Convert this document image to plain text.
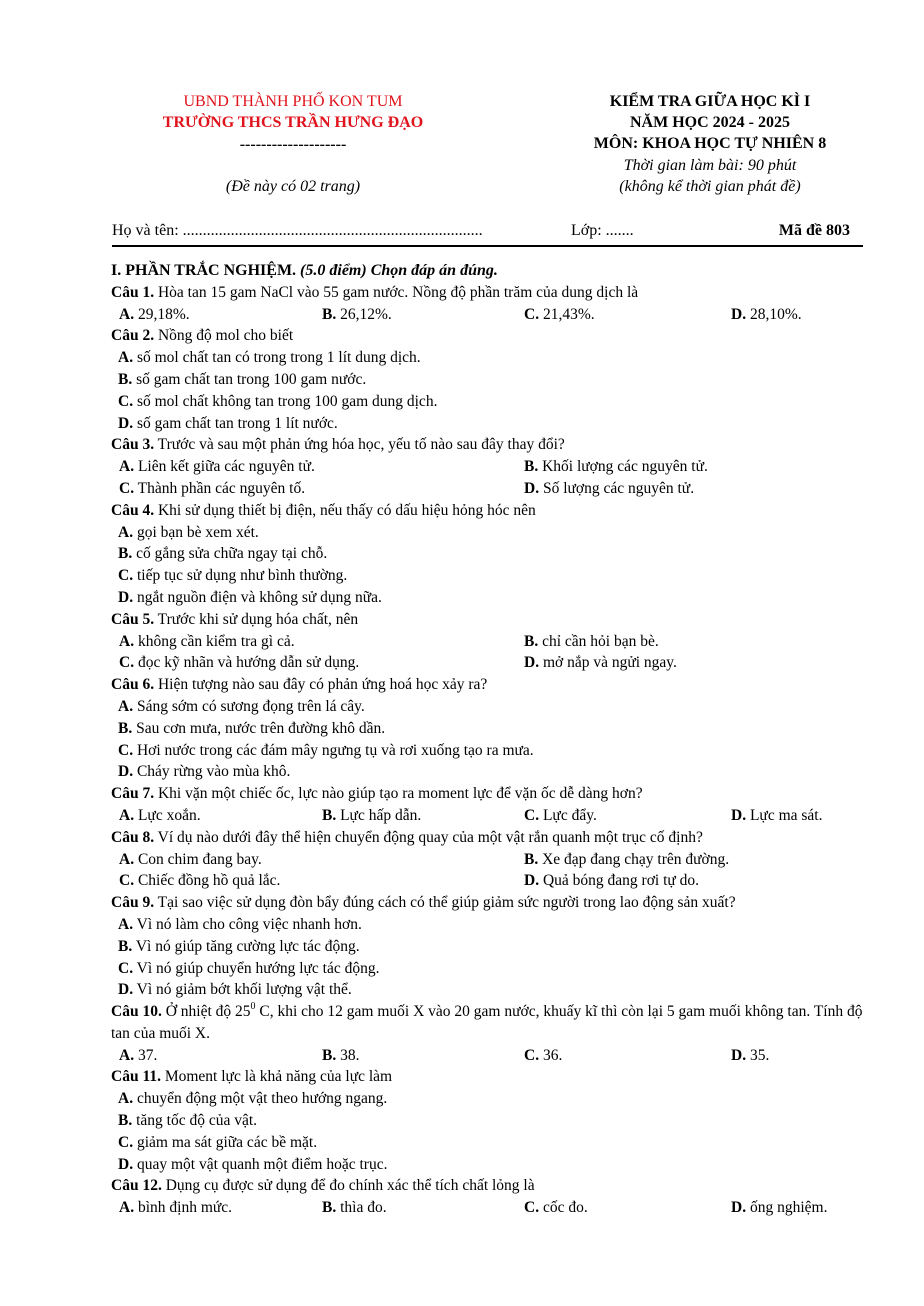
UBND THÀNH PHỐ KON TUM
TRƯỜNG THCS TRẦN HƯNG ĐẠO
--------------------
(Đề này có 02 trang)
KIỂM TRA GIỮA HỌC KÌ I
NĂM HỌC 2024 - 2025
MÔN: KHOA HỌC TỰ NHIÊN 8
Thời gian làm bài: 90 phút
(không kể thời gian phát đề)
Họ và tên: ...........................................................................	Lớp: .......	Mã đề 803
I. PHẦN TRẮC NGHIỆM. (5.0 điểm) Chọn đáp án đúng.
Câu 1. Hòa tan 15 gam NaCl vào 55 gam nước. Nồng độ phần trăm của dung dịch là
A. 29,18%.	B. 26,12%.	C. 21,43%.	D. 28,10%.
Câu 2. Nồng độ mol cho biết
A. số mol chất tan có trong trong 1 lít dung dịch.
B. số gam chất tan trong 100 gam nước.
C. số mol chất không tan trong 100 gam dung dịch.
D. số gam chất tan trong 1 lít nước.
Câu 3. Trước và sau một phản ứng hóa học, yếu tố nào sau đây thay đổi?
A. Liên kết giữa các nguyên tử.	B. Khối lượng các nguyên tử.
C. Thành phần các nguyên tố.	D. Số lượng các nguyên tử.
Câu 4. Khi sử dụng thiết bị điện, nếu thấy có dấu hiệu hỏng hóc nên
A. gọi bạn bè xem xét.
B. cố gắng sửa chữa ngay tại chỗ.
C. tiếp tục sử dụng như bình thường.
D. ngắt nguồn điện và không sử dụng nữa.
Câu 5. Trước khi sử dụng hóa chất, nên
A. không cần kiểm tra gì cả.	B. chỉ cần hỏi bạn bè.
C. đọc kỹ nhãn và hướng dẫn sử dụng.	D. mở nắp và ngửi ngay.
Câu 6. Hiện tượng nào sau đây có phản ứng hoá học xảy ra?
A. Sáng sớm có sương đọng trên lá cây.
B. Sau cơn mưa, nước trên đường khô dần.
C. Hơi nước trong các đám mây ngưng tụ và rơi xuống tạo ra mưa.
D. Cháy rừng vào mùa khô.
Câu 7. Khi vặn một chiếc ốc, lực nào giúp tạo ra moment lực để vặn ốc dễ dàng hơn?
A. Lực xoắn.	B. Lực hấp dẫn.	C. Lực đẩy.	D. Lực ma sát.
Câu 8. Ví dụ nào dưới đây thể hiện chuyển động quay của một vật rắn quanh một trục cố định?
A. Con chim đang bay.	B. Xe đạp đang chạy trên đường.
C. Chiếc đồng hồ quả lắc.	D. Quả bóng đang rơi tự do.
Câu 9. Tại sao việc sử dụng đòn bẩy đúng cách có thể giúp giảm sức người trong lao động sản xuất?
A. Vì nó làm cho công việc nhanh hơn.
B. Vì nó giúp tăng cường lực tác động.
C. Vì nó giúp chuyển hướng lực tác động.
D. Vì nó giảm bớt khối lượng vật thể.
Câu 10. Ở nhiệt độ $25^0$ C, khi cho 12 gam muối X vào 20 gam nước, khuấy kĩ thì còn lại 5 gam muối không tan. Tính độ tan của muối X.
A. 37.	B. 38.	C. 36.	D. 35.
Câu 11. Moment lực là khả năng của lực làm
A. chuyển động một vật theo hướng ngang.
B. tăng tốc độ của vật.
C. giảm ma sát giữa các bề mặt.
D. quay một vật quanh một điểm hoặc trục.
Câu 12. Dụng cụ được sử dụng để đo chính xác thể tích chất lỏng là
A. bình định mức.	B. thìa đo.	C. cốc đo.	D. ống nghiệm.
